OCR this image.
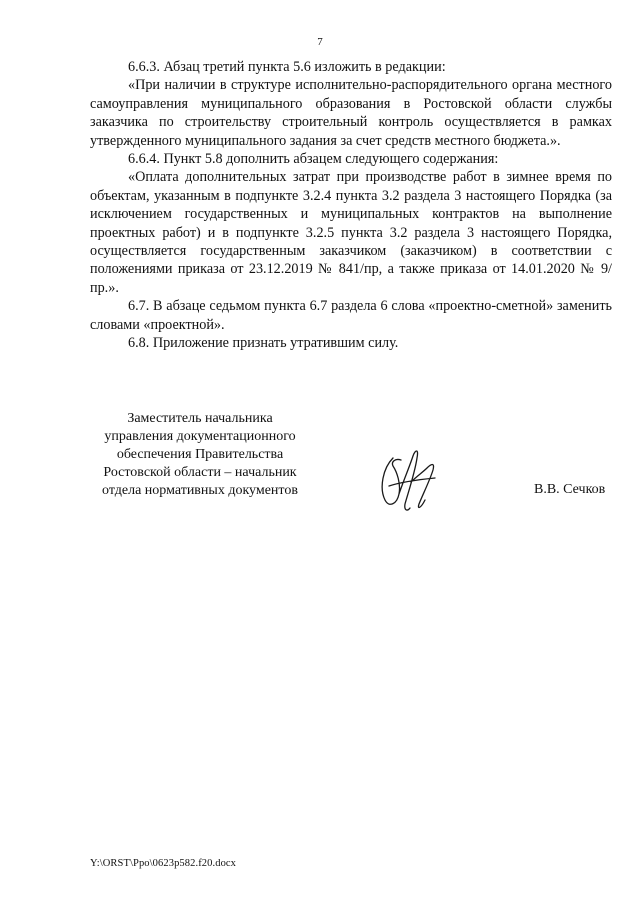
7

6.6.3. Абзац третий пункта 5.6 изложить в редакции:

«При наличии в структуре исполнительно-распорядительного органа местного самоуправления муниципального образования в Ростовской области службы заказчика по строительству строительный контроль осуществляется в рамках утвержденного муниципального задания за счет средств местного бюджета.».

6.6.4. Пункт 5.8 дополнить абзацем следующего содержания:

«Оплата дополнительных затрат при производстве работ в зимнее время по объектам, указанным в подпункте 3.2.4 пункта 3.2 раздела 3 настоящего Порядка (за исключением государственных и муниципальных контрактов на выполнение проектных работ) и в подпункте 3.2.5 пункта 3.2 раздела 3 настоящего Порядка, осуществляется государственным заказчиком (заказчиком) в соответствии с положениями приказа от 23.12.2019 № 841/пр, а также приказа от 14.01.2020 № 9/пр.».

6.7. В абзаце седьмом пункта 6.7 раздела 6 слова «проектно-сметной» заменить словами «проектной».

6.8. Приложение признать утратившим силу.

Заместитель начальника
управления документационного
обеспечения Правительства
Ростовской области – начальник
отдела нормативных документов	В.В. Сечков
Y:\ORST\Ppo\0623p582.f20.docx
